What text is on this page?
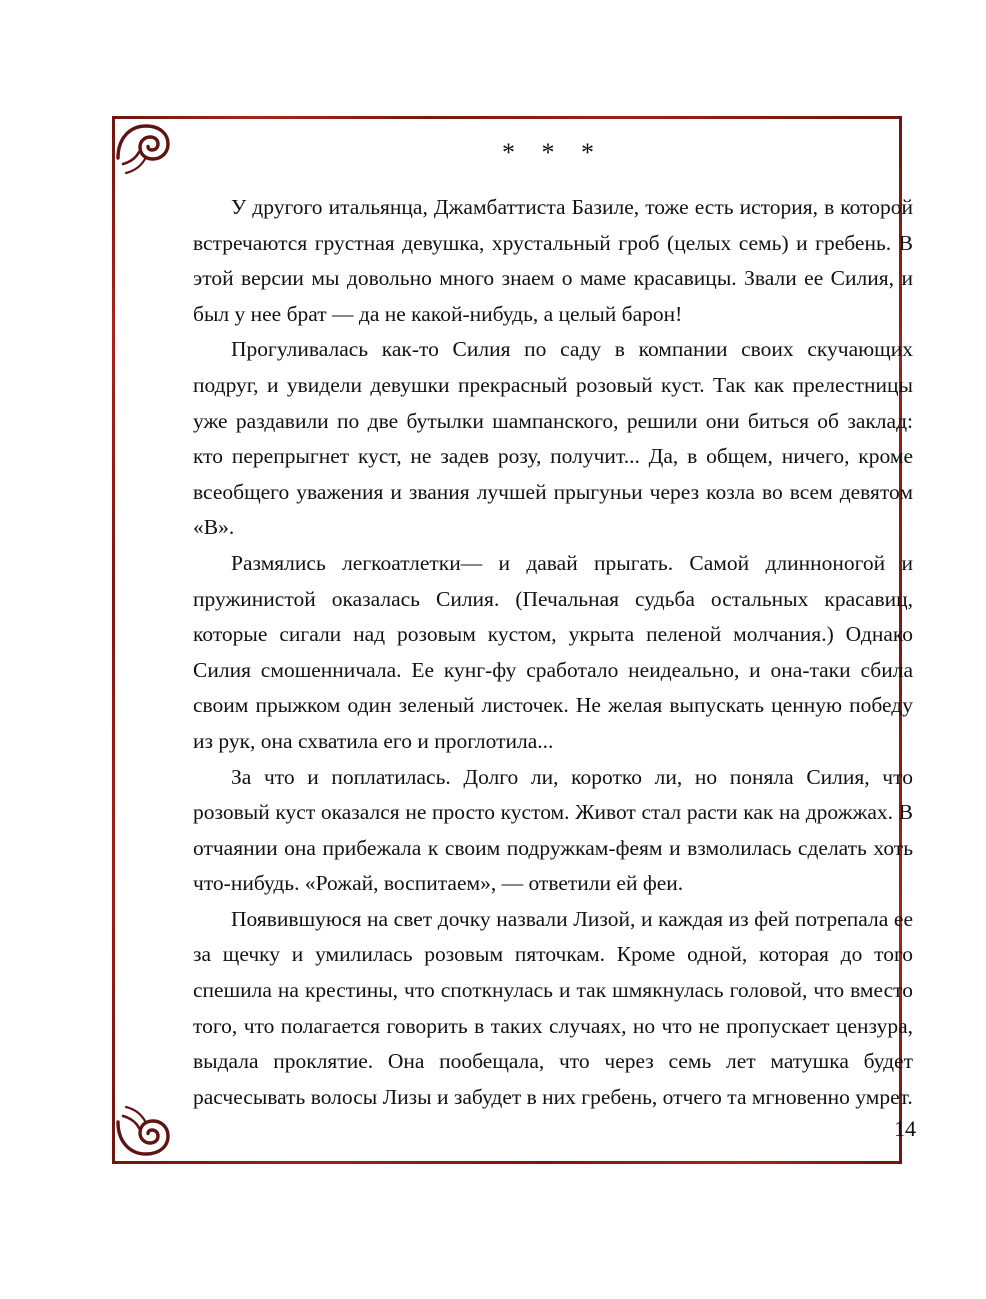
* * *

У другого итальянца, Джамбаттиста Базиле, тоже есть история, в которой встречаются грустная девушка, хрустальный гроб (целых семь) и гребень. В этой версии мы довольно много знаем о маме красавицы. Звали ее Силия, и был у нее брат — да не какой-нибудь, а целый барон!

Прогуливалась как-то Силия по саду в компании своих скучающих подруг, и увидели девушки прекрасный розовый куст. Так как прелестницы уже раздавили по две бутылки шампанского, решили они биться об заклад: кто перепрыгнет куст, не задев розу, получит... Да, в общем, ничего, кроме всеобщего уважения и звания лучшей прыгуньи через козла во всем девятом «В».

Размялись легкоатлетки— и давай прыгать. Самой длинноногой и пружинистой оказалась Силия. (Печальная судьба остальных красавиц, которые сигали над розовым кустом, укрыта пеленой молчания.) Однако Силия смошенничала. Ее кунг-фу сработало неидеально, и она-таки сбила своим прыжком один зеленый листочек. Не желая выпускать ценную победу из рук, она схватила его и проглотила...

За что и поплатилась. Долго ли, коротко ли, но поняла Силия, что розовый куст оказался не просто кустом. Живот стал расти как на дрожжах. В отчаянии она прибежала к своим подружкам-феям и взмолилась сделать хоть что-нибудь. «Рожай, воспитаем», — ответили ей феи.

Появившуюся на свет дочку назвали Лизой, и каждая из фей потрепала ее за щечку и умилилась розовым пяточкам. Кроме одной, которая до того спешила на крестины, что споткнулась и так шмякнулась головой, что вместо того, что полагается говорить в таких случаях, но что не пропускает цензура, выдала проклятие. Она пообещала, что через семь лет матушка будет расчесывать волосы Лизы и забудет в них гребень, отчего та мгновенно умрет.

14
